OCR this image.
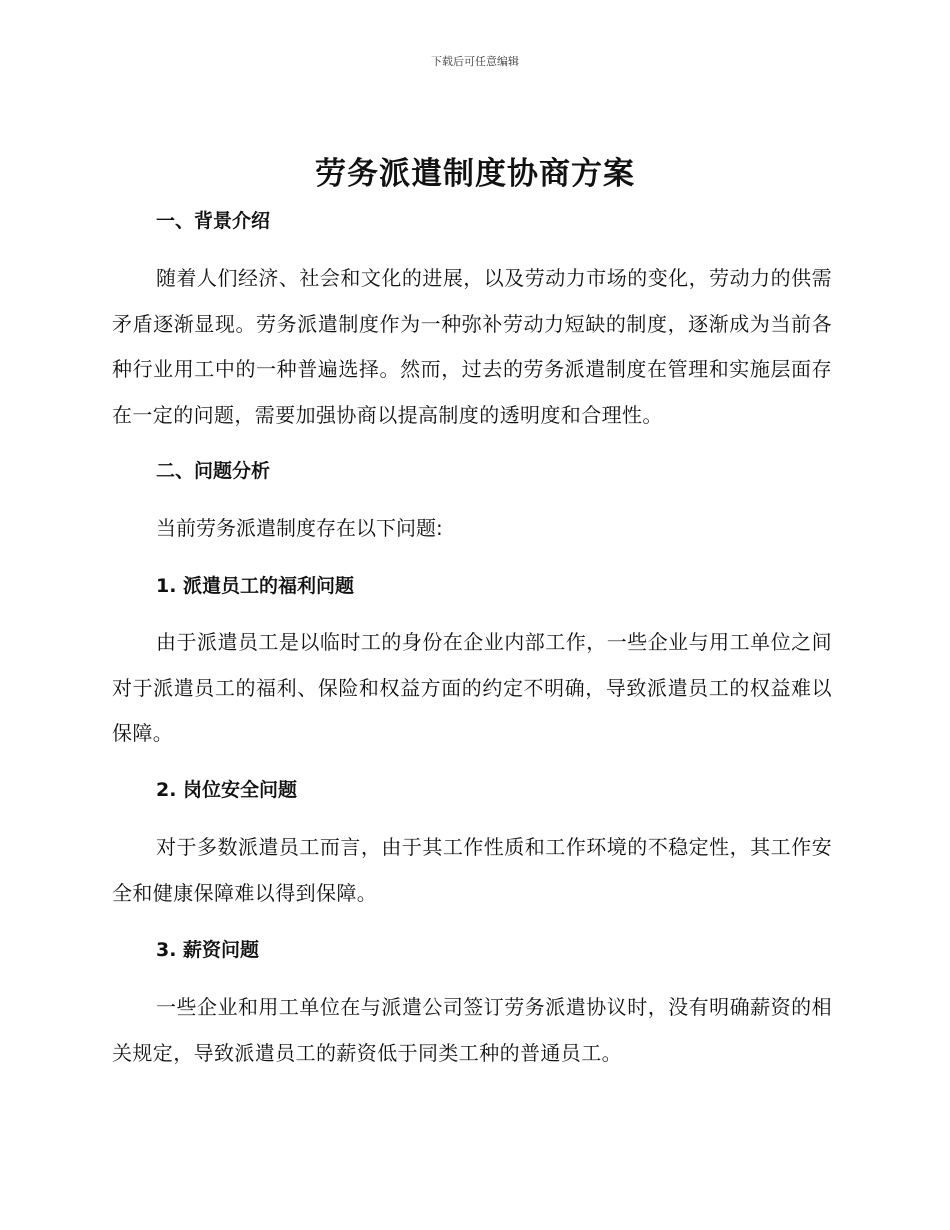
下载后可任意编辑
劳务派遣制度协商方案
一、背景介绍

随着人们经济、社会和文化的进展，以及劳动力市场的变化，劳动力的供需矛盾逐渐显现。劳务派遣制度作为一种弥补劳动力短缺的制度，逐渐成为当前各种行业用工中的一种普遍选择。然而，过去的劳务派遣制度在管理和实施层面存在一定的问题，需要加强协商以提高制度的透明度和合理性。

二、问题分析

当前劳务派遣制度存在以下问题:

1. 派遣员工的福利问题

由于派遣员工是以临时工的身份在企业内部工作，一些企业与用工单位之间对于派遣员工的福利、保险和权益方面的约定不明确，导致派遣员工的权益难以保障。

2. 岗位安全问题

对于多数派遣员工而言，由于其工作性质和工作环境的不稳定性，其工作安全和健康保障难以得到保障。

3. 薪资问题

一些企业和用工单位在与派遣公司签订劳务派遣协议时，没有明确薪资的相关规定，导致派遣员工的薪资低于同类工种的普通员工。
